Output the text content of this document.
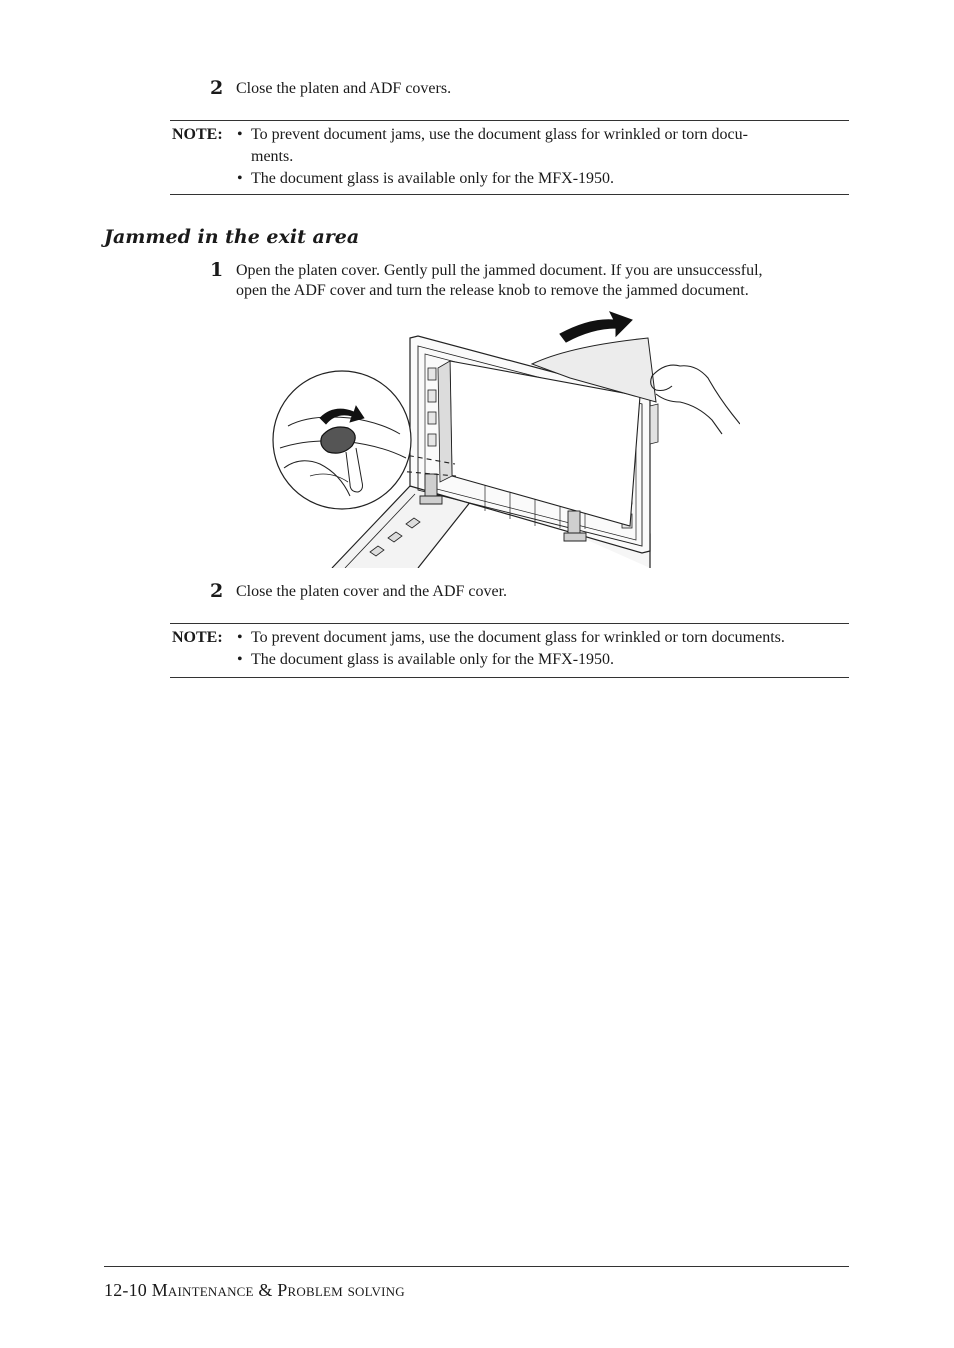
2 Close the platen and ADF covers.
NOTE:	• To prevent document jams, use the document glass for wrinkled or torn docu-
ments.
• The document glass is available only for the MFX-1950.
Jammed in the exit area
1 Open the platen cover. Gently pull the jammed document. If you are unsuccessful,
open the ADF cover and turn the release knob to remove the jammed document.
2 Close the platen cover and the ADF cover.
NOTE:	• To prevent document jams, use the document glass for wrinkled or torn documents.
• The document glass is available only for the MFX-1950.
12-10 Maintenance & Problem solving
